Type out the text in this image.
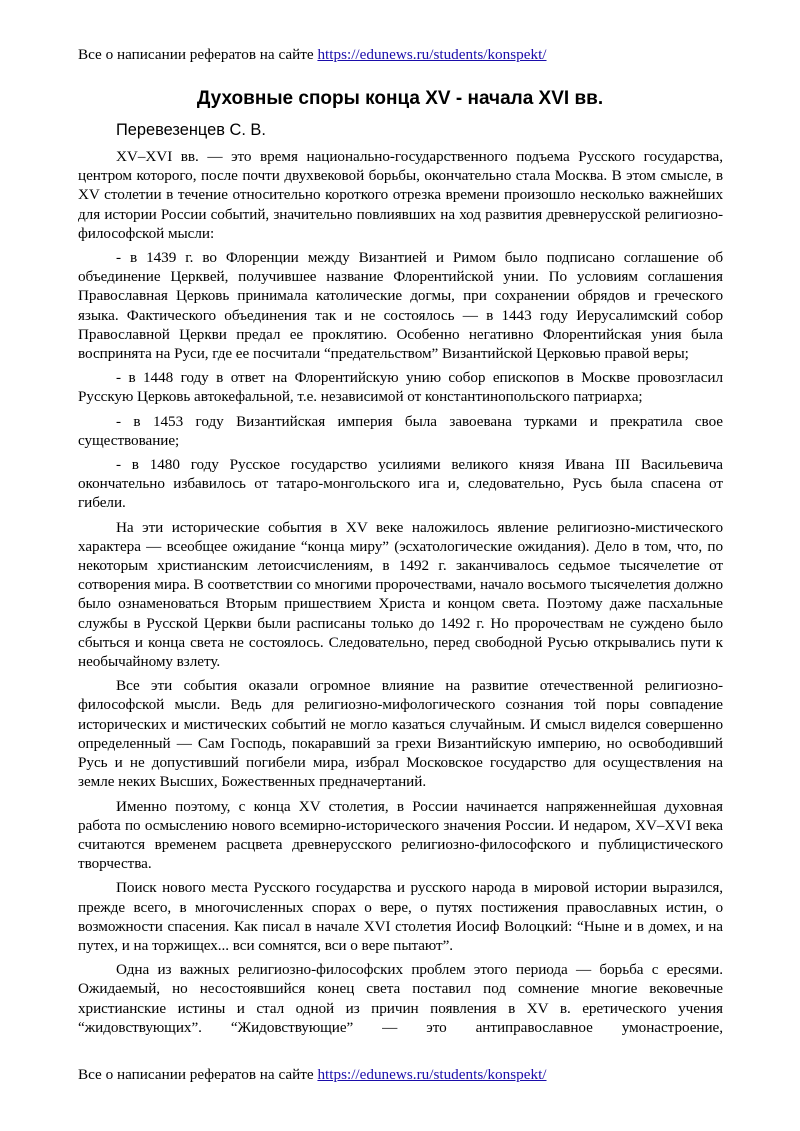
Все о написании рефератов на сайте https://edunews.ru/students/konspekt/
Духовные споры конца XV - начала XVI вв.
Перевезенцев С. В.

XV–XVI вв. — это время национально-государственного подъема Русского государства, центром которого, после почти двухвековой борьбы, окончательно стала Москва. В этом смысле, в XV столетии в течение относительно короткого отрезка времени произошло несколько важнейших для истории России событий, значительно повлиявших на ход развития древнерусской религиозно-философской мысли:

- в 1439 г. во Флоренции между Византией и Римом было подписано соглашение об объединение Церквей, получившее название Флорентийской унии. По условиям соглашения Православная Церковь принимала католические догмы, при сохранении обрядов и греческого языка. Фактического объединения так и не состоялось — в 1443 году Иерусалимский собор Православной Церкви предал ее проклятию. Особенно негативно Флорентийская уния была воспринята на Руси, где ее посчитали “предательством” Византийской Церковью правой веры;

- в 1448 году в ответ на Флорентийскую унию собор епископов в Москве провозгласил Русскую Церковь автокефальной, т.е. независимой от константинопольского патриарха;

- в 1453 году Византийская империя была завоевана турками и прекратила свое существование;

- в 1480 году Русское государство усилиями великого князя Ивана III Васильевича окончательно избавилось от татаро-монгольского ига и, следовательно, Русь была спасена от гибели.

На эти исторические события в XV веке наложилось явление религиозно-мистического характера — всеобщее ожидание “конца миру” (эсхатологические ожидания). Дело в том, что, по некоторым христианским летоисчислениям, в 1492 г. заканчивалось седьмое тысячелетие от сотворения мира. В соответствии со многими пророчествами, начало восьмого тысячелетия должно было ознаменоваться Вторым пришествием Христа и концом света. Поэтому даже пасхальные службы в Русской Церкви были расписаны только до 1492 г. Но пророчествам не суждено было сбыться и конца света не состоялось. Следовательно, перед свободной Русью открывались пути к необычайному взлету.

Все эти события оказали огромное влияние на развитие отечественной религиозно-философской мысли. Ведь для религиозно-мифологического сознания той поры совпадение исторических и мистических событий не могло казаться случайным. И смысл виделся совершенно определенный — Сам Господь, покаравший за грехи Византийскую империю, но освободивший Русь и не допустивший погибели мира, избрал Московское государство для осуществления на земле неких Высших, Божественных предначертаний.

Именно поэтому, с конца XV столетия, в России начинается напряженнейшая духовная работа по осмыслению нового всемирно-исторического значения России. И недаром, XV–XVI века считаются временем расцвета древнерусского религиозно-философского и публицистического творчества.

Поиск нового места Русского государства и русского народа в мировой истории выразился, прежде всего, в многочисленных спорах о вере, о путях постижения православных истин, о возможности спасения. Как писал в начале XVI столетия Иосиф Волоцкий: “Ныне и в домех, и на путех, и на торжищех... вси сомнятся, вси о вере пытают”.

Одна из важных религиозно-философских проблем этого периода — борьба с ересями. Ожидаемый, но несостоявшийся конец света поставил под сомнение многие вековечные христианские истины и стал одной из причин появления в XV в. еретического учения “жидовствующих”. “Жидовствующие” — это антиправославное умонастроение,

Все о написании рефератов на сайте https://edunews.ru/students/konspekt/
